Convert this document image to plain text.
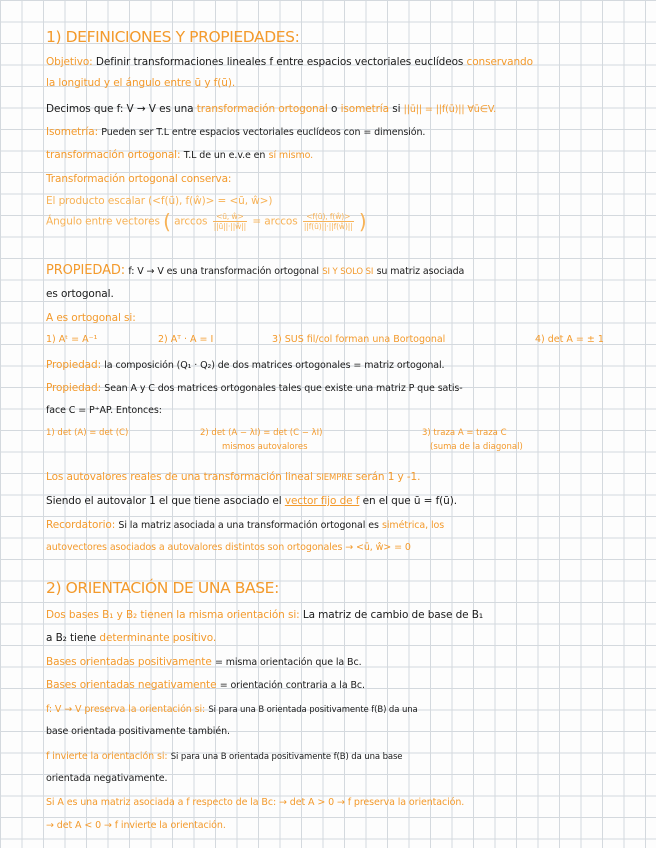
1) DEFINICIONES Y PROPIEDADES:
Objetivo: Definir transformaciones lineales f entre espacios vectoriales euclídeos conservando
la longitud y el ángulo entre ū y f(ū).
Decimos que f: V → V es una transformación ortogonal o isometría si ||ū|| = ||f(ū)|| ∀ū∈V.
Isometría: Pueden ser T.L entre espacios vectoriales euclídeos con = dimensión.
transformación ortogonal: T.L de un e.v.e en sí mismo.
Transformación ortogonal conserva:
El producto escalar (<f(ū), f(ŵ)> = <ū, ŵ>)
Ángulo entre vectores ( $\arccos \frac{<ū, ŵ>}{||ū||\cdot||ŵ||} = \arccos \frac{<f(ū), f(ŵ)>}{||f(ū)||\cdot||f(ŵ)||}$ )
PROPIEDAD: f: V → V es una transformación ortogonal SI Y SOLO SI su matriz asociada
es ortogonal.
A es ortogonal si:
1) Aᵗ = A⁻¹	2) Aᵀ · A = I	3) SUS fil/col forman una Bortogonal	4) det A = ± 1
Propiedad: la composición (Q₁ · Q₂) de dos matrices ortogonales = matriz ortogonal.
Propiedad: Sean A y C dos matrices ortogonales tales que existe una matriz P que satis-
face C = P⁺AP. Entonces:
1) det (A) = det (C)	2) det (A − λI) = det (C − λI)
mismos autovalores
3) traza A = traza C
(suma de la diagonal)
Los autovalores reales de una transformación lineal SIEMPRE serán 1 y -1.
Siendo el autovalor 1 el que tiene asociado el vector fijo de f en el que ū = f(ū).
Recordatorio: Si la matriz asociada a una transformación ortogonal es simétrica, los
autovectores asociados a autovalores distintos son ortogonales → <ū, ŵ> = 0
2) ORIENTACIÓN DE UNA BASE:
Dos bases B₁ y B₂ tienen la misma orientación si: La matriz de cambio de base de B₁
a B₂ tiene determinante positivo.
Bases orientadas positivamente = misma orientación que la Bc.
Bases orientadas negativamente = orientación contraria a la Bc.
f: V → V preserva la orientación si: Si para una B orientada positivamente f(B) da una
base orientada positivamente también.
f invierte la orientación si: Si para una B orientada positivamente f(B) da una base
orientada negativamente.
Si A es una matriz asociada a f respecto de la Bc: → det A > 0 → f preserva la orientación.
→ det A < 0 → f invierte la orientación.
